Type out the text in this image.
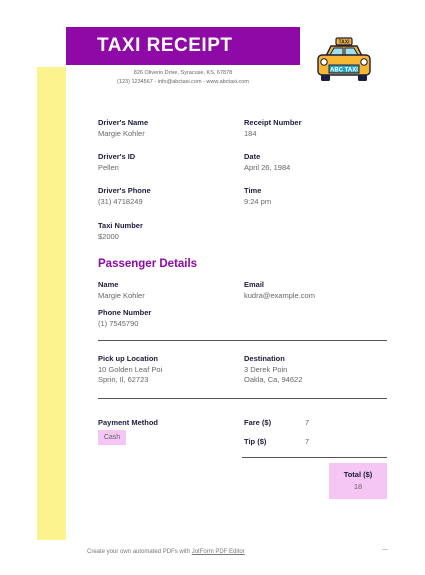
TAXI RECEIPT
826 Oliverio Drive, Syracuse, KS, 67878
(123) 1234567 - info@abctaxi.com - www.abctaxi.com
TAXI
ABC TAXI
Driver's Name
Margie Kohler
Receipt Number
184
Driver's ID
Pellen
Date
April 26, 1984
Driver's Phone
(31) 4718249
Time
9:24 pm
Taxi Number
$2000
Passenger Details
Name
Margie Kohler
Email
kudra@example.com
Phone Number
(1) 7545790
Pick up Location
10 Golden Leaf Poi
Sprin, Il, 62723
Destination
3 Derek Poin
Oakla, Ca, 94622
Payment Method
Cash
Fare ($)	7
Tip ($)	7
Total ($)
18
Create your own automated PDFs with JotForm PDF Editor
